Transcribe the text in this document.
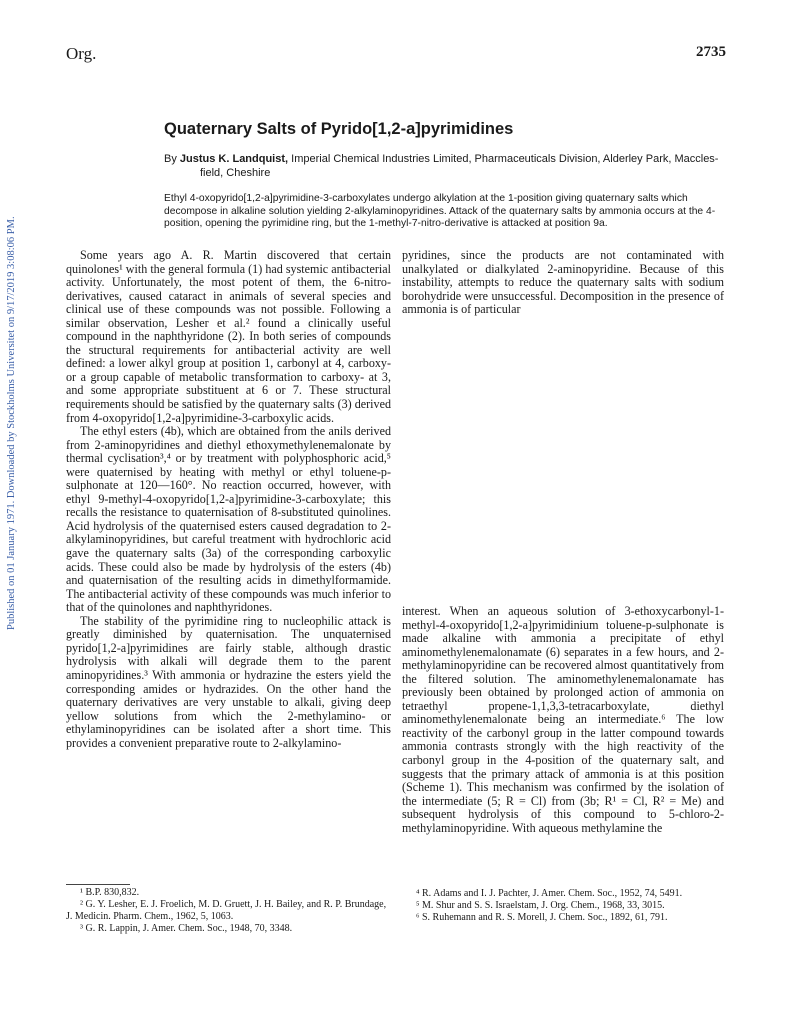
Org.	2735
Published on 01 January 1971. Downloaded by Stockholms Universitet on 9/17/2019 3:08:06 PM.
Quaternary Salts of Pyrido[1,2-a]pyrimidines
By Justus K. Landquist, Imperial Chemical Industries Limited, Pharmaceuticals Division, Alderley Park, Maccles-
field, Cheshire
Ethyl 4-oxopyrido[1,2-a]pyrimidine-3-carboxylates undergo alkylation at the 1-position giving quaternary salts which decompose in alkaline solution yielding 2-alkylaminopyridines. Attack of the quaternary salts by ammonia occurs at the 4-position, opening the pyrimidine ring, but the 1-methyl-7-nitro-derivative is attacked at position 9a.

Some years ago A. R. Martin discovered that certain quinolones¹ with the general formula (1) had systemic antibacterial activity. Unfortunately, the most potent of them, the 6-nitro-derivatives, caused cataract in animals of several species and clinical use of these compounds was not possible. Following a similar observation, Lesher et al.² found a clinically useful compound in the naphthyridone (2). In both series of compounds the structural requirements for antibacterial activity are well defined: a lower alkyl group at position 1, carbonyl at 4, carboxy- or a group capable of metabolic transformation to carboxy- at 3, and some appropriate substituent at 6 or 7. These structural requirements should be satisfied by the quaternary salts (3) derived from 4-oxopyrido[1,2-a]pyrimidine-3-carboxylic acids.

The ethyl esters (4b), which are obtained from the anils derived from 2-aminopyridines and diethyl ethoxymethylenemalonate by thermal cyclisation³,⁴ or by treatment with polyphosphoric acid,⁵ were quaternised by heating with methyl or ethyl toluene-p-sulphonate at 120—160°. No reaction occurred, however, with ethyl 9-methyl-4-oxopyrido[1,2-a]pyrimidine-3-carboxylate; this recalls the resistance to quaternisation of 8-substituted quinolines. Acid hydrolysis of the quaternised esters caused degradation to 2-alkylaminopyridines, but careful treatment with hydrochloric acid gave the quaternary salts (3a) of the corresponding carboxylic acids. These could also be made by hydrolysis of the esters (4b) and quaternisation of the resulting acids in dimethylformamide. The antibacterial activity of these compounds was much inferior to that of the quinolones and naphthyridones.

The stability of the pyrimidine ring to nucleophilic attack is greatly diminished by quaternisation. The unquaternised pyrido[1,2-a]pyrimidines are fairly stable, although drastic hydrolysis with alkali will degrade them to the parent aminopyridines.³ With ammonia or hydrazine the esters yield the corresponding amides or hydrazides. On the other hand the quaternary derivatives are very unstable to alkali, giving deep yellow solutions from which the 2-methylamino- or ethylaminopyridines can be isolated after a short time. This provides a convenient preparative route to 2-alkylamino-

pyridines, since the products are not contaminated with unalkylated or dialkylated 2-aminopyridine. Because of this instability, attempts to reduce the quaternary salts with sodium borohydride were unsuccessful. Decomposition in the presence of ammonia is of particular

interest. When an aqueous solution of 3-ethoxycarbonyl-1-methyl-4-oxopyrido[1,2-a]pyrimidinium toluene-p-sulphonate is made alkaline with ammonia a precipitate of ethyl aminomethylenemalonamate (6) separates in a few hours, and 2-methylaminopyridine can be recovered almost quantitatively from the filtered solution. The aminomethylenemalonamate has previously been obtained by prolonged action of ammonia on tetraethyl propene-1,1,3,3-tetracarboxylate, diethyl aminomethylenemalonate being an intermediate.⁶ The low reactivity of the carbonyl group in the latter compound towards ammonia contrasts strongly with the high reactivity of the carbonyl group in the 4-position of the quaternary salt, and suggests that the primary attack of ammonia is at this position (Scheme 1). This mechanism was confirmed by the isolation of the intermediate (5; R = Cl) from (3b; R¹ = Cl, R² = Me) and subsequent hydrolysis of this compound to 5-chloro-2-methylaminopyridine. With aqueous methylamine the

¹ B.P. 830,832.

² G. Y. Lesher, E. J. Froelich, M. D. Gruett, J. H. Bailey, and R. P. Brundage, J. Medicin. Pharm. Chem., 1962, 5, 1063.

³ G. R. Lappin, J. Amer. Chem. Soc., 1948, 70, 3348.

⁴ R. Adams and I. J. Pachter, J. Amer. Chem. Soc., 1952, 74, 5491.

⁵ M. Shur and S. S. Israelstam, J. Org. Chem., 1968, 33, 3015.

⁶ S. Ruhemann and R. S. Morell, J. Chem. Soc., 1892, 61, 791.
